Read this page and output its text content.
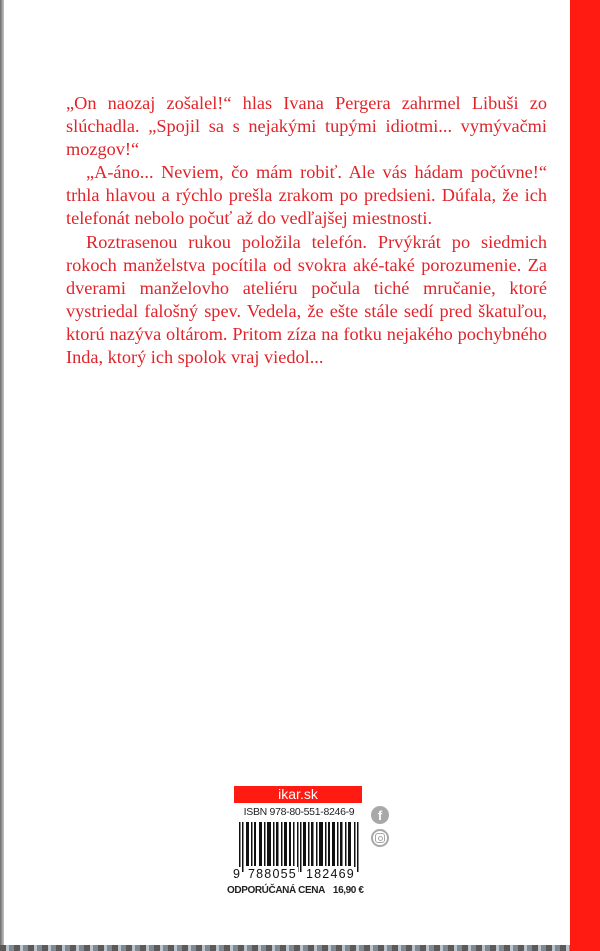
„On naozaj zošalel!“ hlas Ivana Pergera zahrmel Libuši zo slúchadla. „Spojil sa s nejakými tupými idiotmi... vymývačmi mozgov!“

„A-áno... Neviem, čo mám robiť. Ale vás hádam počúvne!“ trhla hlavou a rýchlo prešla zrakom po predsieni. Dúfala, že ich telefonát nebolo počuť až do vedľajšej miestnosti.

Roztrasenou rukou položila telefón. Prvýkrát po siedmich rokoch manželstva pocítila od svokra aké-také porozumenie. Za dverami manželovho ateliéru počula tiché mručanie, ktoré vystriedal falošný spev. Vedela, že ešte stále sedí pred škatuľou, ktorú nazýva oltárom. Pritom zíza na fotku nejakého pochybného Inda, ktorý ich spolok vraj viedol...

ikar.sk
ISBN 978-80-551-8246-9
9 788055 182469
ODPORÚČANÁ CENA 16,90 €
f
